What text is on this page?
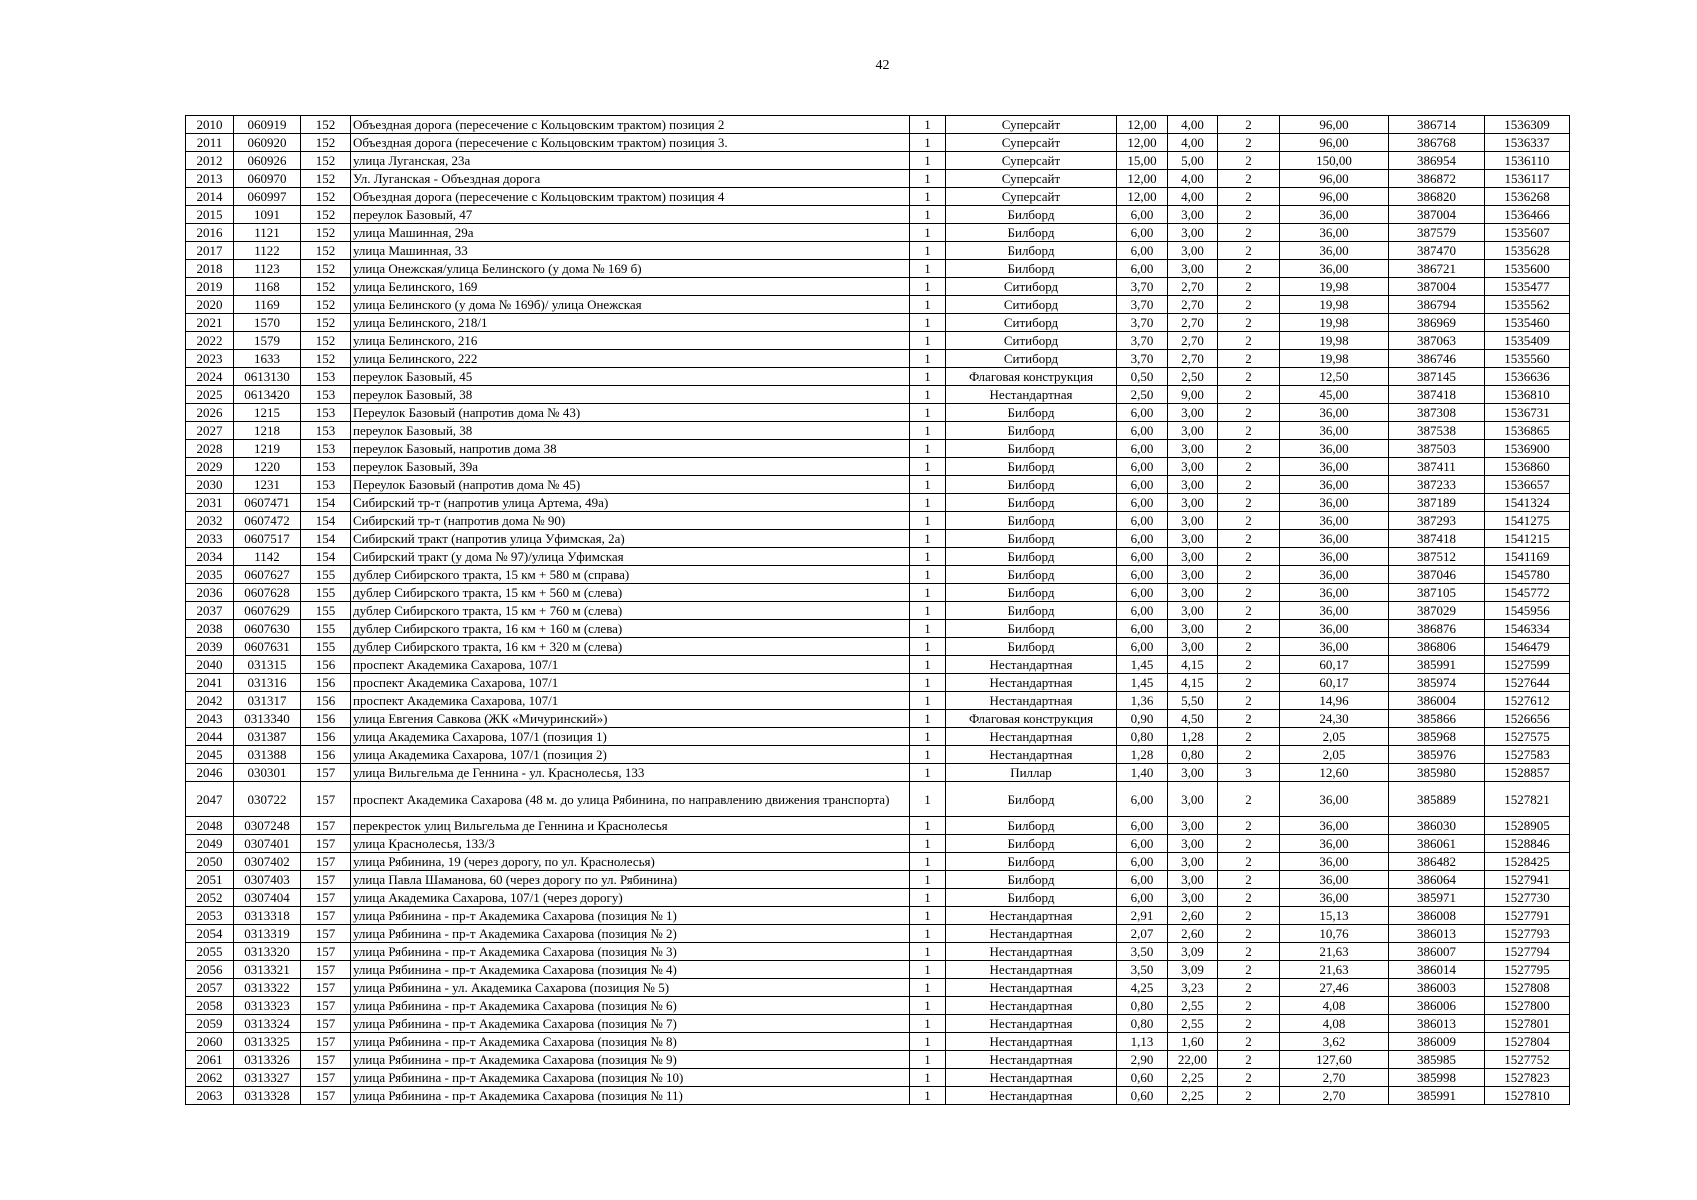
42
2010	060919	152	Объездная дорога (пересечение с Кольцовским трактом) позиция 2	1	Суперсайт	12,00	4,00	2	96,00	386714	1536309
2011	060920	152	Объездная дорога (пересечение с Кольцовским трактом) позиция 3.	1	Суперсайт	12,00	4,00	2	96,00	386768	1536337
2012	060926	152	улица Луганская, 23а	1	Суперсайт	15,00	5,00	2	150,00	386954	1536110
2013	060970	152	Ул. Луганская - Объездная дорога	1	Суперсайт	12,00	4,00	2	96,00	386872	1536117
2014	060997	152	Объездная дорога (пересечение с Кольцовским трактом) позиция 4	1	Суперсайт	12,00	4,00	2	96,00	386820	1536268
2015	1091	152	переулок Базовый, 47	1	Билборд	6,00	3,00	2	36,00	387004	1536466
2016	1121	152	улица Машинная, 29а	1	Билборд	6,00	3,00	2	36,00	387579	1535607
2017	1122	152	улица Машинная, 33	1	Билборд	6,00	3,00	2	36,00	387470	1535628
2018	1123	152	улица Онежская/улица Белинского (у дома № 169 б)	1	Билборд	6,00	3,00	2	36,00	386721	1535600
2019	1168	152	улица Белинского, 169	1	Ситиборд	3,70	2,70	2	19,98	387004	1535477
2020	1169	152	улица Белинского (у дома № 169б)/ улица Онежская	1	Ситиборд	3,70	2,70	2	19,98	386794	1535562
2021	1570	152	улица Белинского, 218/1	1	Ситиборд	3,70	2,70	2	19,98	386969	1535460
2022	1579	152	улица Белинского, 216	1	Ситиборд	3,70	2,70	2	19,98	387063	1535409
2023	1633	152	улица Белинского, 222	1	Ситиборд	3,70	2,70	2	19,98	386746	1535560
2024	0613130	153	переулок Базовый, 45	1	Флаговая конструкция	0,50	2,50	2	12,50	387145	1536636
2025	0613420	153	переулок Базовый, 38	1	Нестандартная	2,50	9,00	2	45,00	387418	1536810
2026	1215	153	Переулок Базовый (напротив дома № 43)	1	Билборд	6,00	3,00	2	36,00	387308	1536731
2027	1218	153	переулок Базовый, 38	1	Билборд	6,00	3,00	2	36,00	387538	1536865
2028	1219	153	переулок Базовый, напротив дома 38	1	Билборд	6,00	3,00	2	36,00	387503	1536900
2029	1220	153	переулок Базовый, 39а	1	Билборд	6,00	3,00	2	36,00	387411	1536860
2030	1231	153	Переулок Базовый (напротив дома № 45)	1	Билборд	6,00	3,00	2	36,00	387233	1536657
2031	0607471	154	Сибирский тр-т (напротив улица Артема, 49а)	1	Билборд	6,00	3,00	2	36,00	387189	1541324
2032	0607472	154	Сибирский тр-т (напротив дома № 90)	1	Билборд	6,00	3,00	2	36,00	387293	1541275
2033	0607517	154	Сибирский тракт (напротив улица Уфимская, 2а)	1	Билборд	6,00	3,00	2	36,00	387418	1541215
2034	1142	154	Сибирский тракт (у дома № 97)/улица Уфимская	1	Билборд	6,00	3,00	2	36,00	387512	1541169
2035	0607627	155	дублер Сибирского тракта, 15 км + 580 м (справа)	1	Билборд	6,00	3,00	2	36,00	387046	1545780
2036	0607628	155	дублер Сибирского тракта, 15 км + 560 м (слева)	1	Билборд	6,00	3,00	2	36,00	387105	1545772
2037	0607629	155	дублер Сибирского тракта, 15 км + 760 м (слева)	1	Билборд	6,00	3,00	2	36,00	387029	1545956
2038	0607630	155	дублер Сибирского тракта, 16 км + 160 м (слева)	1	Билборд	6,00	3,00	2	36,00	386876	1546334
2039	0607631	155	дублер Сибирского тракта, 16 км + 320 м (слева)	1	Билборд	6,00	3,00	2	36,00	386806	1546479
2040	031315	156	проспект Академика Сахарова, 107/1	1	Нестандартная	1,45	4,15	2	60,17	385991	1527599
2041	031316	156	проспект Академика Сахарова, 107/1	1	Нестандартная	1,45	4,15	2	60,17	385974	1527644
2042	031317	156	проспект Академика Сахарова, 107/1	1	Нестандартная	1,36	5,50	2	14,96	386004	1527612
2043	0313340	156	улица Евгения Савкова (ЖК «Мичуринский»)	1	Флаговая конструкция	0,90	4,50	2	24,30	385866	1526656
2044	031387	156	улица Академика Сахарова, 107/1 (позиция 1)	1	Нестандартная	0,80	1,28	2	2,05	385968	1527575
2045	031388	156	улица Академика Сахарова, 107/1 (позиция 2)	1	Нестандартная	1,28	0,80	2	2,05	385976	1527583
2046	030301	157	улица Вильгельма де Геннина - ул. Краснолесья, 133	1	Пиллар	1,40	3,00	3	12,60	385980	1528857
2047	030722	157	проспект Академика Сахарова (48 м. до улица Рябинина, по направлению движения транспорта)	1	Билборд	6,00	3,00	2	36,00	385889	1527821
2048	0307248	157	перекресток улиц Вильгельма де Геннина и Краснолесья	1	Билборд	6,00	3,00	2	36,00	386030	1528905
2049	0307401	157	улица Краснолесья, 133/3	1	Билборд	6,00	3,00	2	36,00	386061	1528846
2050	0307402	157	улица Рябинина, 19 (через дорогу, по ул. Краснолесья)	1	Билборд	6,00	3,00	2	36,00	386482	1528425
2051	0307403	157	улица Павла Шаманова, 60 (через дорогу по ул. Рябинина)	1	Билборд	6,00	3,00	2	36,00	386064	1527941
2052	0307404	157	улица Академика Сахарова, 107/1 (через дорогу)	1	Билборд	6,00	3,00	2	36,00	385971	1527730
2053	0313318	157	улица Рябинина - пр-т Академика Сахарова (позиция № 1)	1	Нестандартная	2,91	2,60	2	15,13	386008	1527791
2054	0313319	157	улица Рябинина - пр-т Академика Сахарова (позиция № 2)	1	Нестандартная	2,07	2,60	2	10,76	386013	1527793
2055	0313320	157	улица Рябинина - пр-т Академика Сахарова (позиция № 3)	1	Нестандартная	3,50	3,09	2	21,63	386007	1527794
2056	0313321	157	улица Рябинина - пр-т Академика Сахарова (позиция № 4)	1	Нестандартная	3,50	3,09	2	21,63	386014	1527795
2057	0313322	157	улица Рябинина - ул. Академика Сахарова (позиция № 5)	1	Нестандартная	4,25	3,23	2	27,46	386003	1527808
2058	0313323	157	улица Рябинина - пр-т Академика Сахарова (позиция № 6)	1	Нестандартная	0,80	2,55	2	4,08	386006	1527800
2059	0313324	157	улица Рябинина - пр-т Академика Сахарова (позиция № 7)	1	Нестандартная	0,80	2,55	2	4,08	386013	1527801
2060	0313325	157	улица Рябинина - пр-т Академика Сахарова (позиция № 8)	1	Нестандартная	1,13	1,60	2	3,62	386009	1527804
2061	0313326	157	улица Рябинина - пр-т Академика Сахарова (позиция № 9)	1	Нестандартная	2,90	22,00	2	127,60	385985	1527752
2062	0313327	157	улица Рябинина - пр-т Академика Сахарова (позиция № 10)	1	Нестандартная	0,60	2,25	2	2,70	385998	1527823
2063	0313328	157	улица Рябинина - пр-т Академика Сахарова (позиция № 11)	1	Нестандартная	0,60	2,25	2	2,70	385991	1527810
